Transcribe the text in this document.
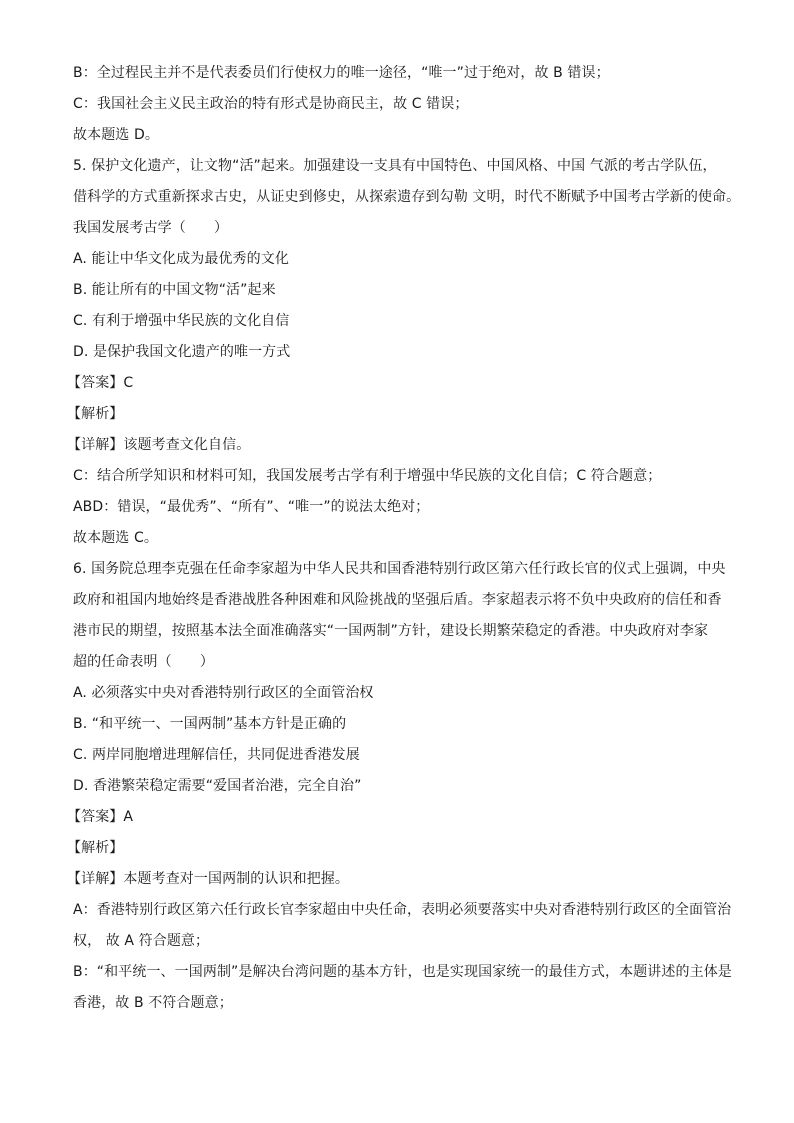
B：全过程民主并不是代表委员们行使权力的唯一途径，“唯一”过于绝对，故 B 错误；
C：我国社会主义民主政治的特有形式是协商民主，故 C 错误；
故本题选 D。
5. 保护文化遗产，让文物“活”起来。加强建设一支具有中国特色、中国风格、中国 气派的考古学队伍，
借科学的方式重新探求古史，从证史到修史，从探索遗存到勾勒 文明，时代不断赋予中国考古学新的使命。
我国发展考古学（　　）
A. 能让中华文化成为最优秀的文化
B. 能让所有的中国文物“活”起来
C. 有利于增强中华民族的文化自信
D. 是保护我国文化遗产的唯一方式
【答案】C
【解析】
【详解】该题考查文化自信。
C：结合所学知识和材料可知，我国发展考古学有利于增强中华民族的文化自信；C 符合题意；
ABD：错误，“最优秀”、“所有”、“唯一”的说法太绝对；
故本题选 C。
6. 国务院总理李克强在任命李家超为中华人民共和国香港特别行政区第六任行政长官的仪式上强调，中央
政府和祖国内地始终是香港战胜各种困难和风险挑战的坚强后盾。李家超表示将不负中央政府的信任和香
港市民的期望，按照基本法全面准确落实“一国两制”方针，建设长期繁荣稳定的香港。中央政府对李家
超的任命表明（　　）
A. 必须落实中央对香港特别行政区的全面管治权
B. “和平统一、一国两制”基本方针是正确的
C. 两岸同胞增进理解信任，共同促进香港发展
D. 香港繁荣稳定需要“爱国者治港，完全自治”
【答案】A
【解析】
【详解】本题考查对一国两制的认识和把握。
A：香港特别行政区第六任行政长官李家超由中央任命，表明必须要落实中央对香港特别行政区的全面管治
权， 故 A 符合题意；
B：“和平统一、一国两制”是解决台湾问题的基本方针，也是实现国家统一的最佳方式，本题讲述的主体是
香港，故 B 不符合题意；
